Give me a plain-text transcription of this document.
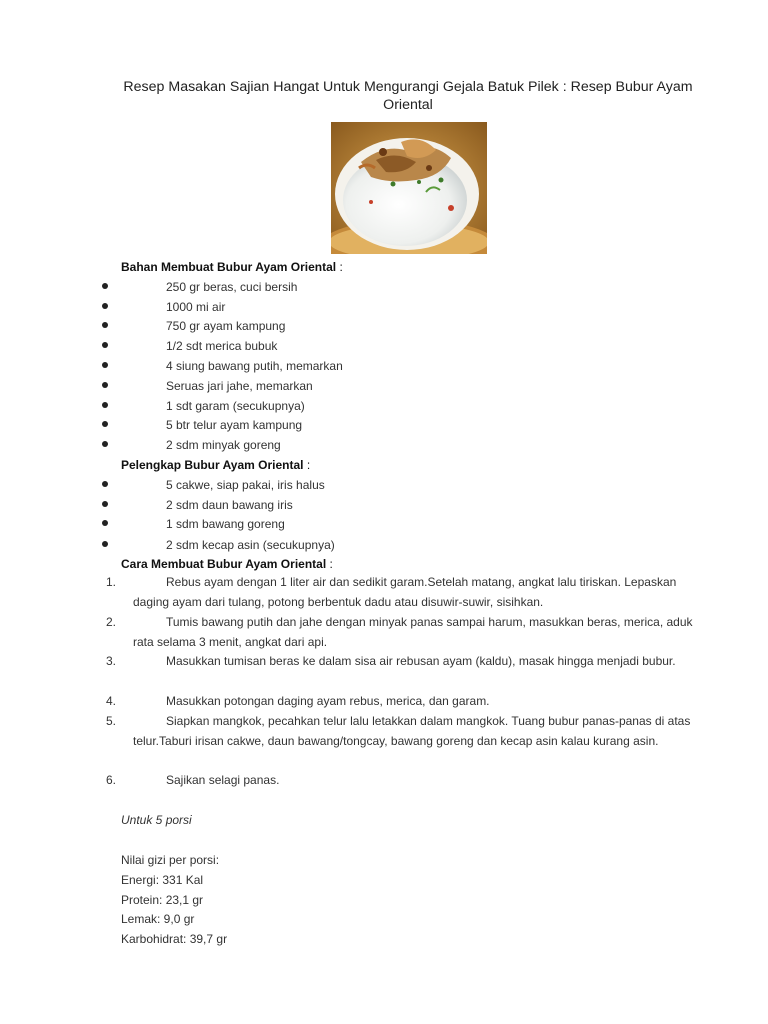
Resep Masakan Sajian Hangat Untuk Mengurangi Gejala Batuk Pilek : Resep Bubur Ayam Oriental
Bahan Membuat Bubur Ayam Oriental :
250 gr beras, cuci bersih
1000 mi air
750 gr ayam kampung
1/2 sdt merica bubuk
4 siung bawang putih, memarkan
Seruas jari jahe, memarkan
1 sdt garam (secukupnya)
5 btr telur ayam kampung
2 sdm minyak goreng
Pelengkap Bubur Ayam Oriental :
5 cakwe, siap pakai, iris halus
2 sdm daun bawang iris
1 sdm bawang goreng
2 sdm kecap asin (secukupnya)
Cara Membuat Bubur Ayam Oriental :
1.	Rebus ayam dengan 1 liter air dan sedikit garam.Setelah matang, angkat lalu tiriskan. Lepaskan daging ayam dari tulang, potong berbentuk dadu atau disuwir-suwir, sisihkan.
2.	Tumis bawang putih dan jahe dengan minyak panas sampai harum, masukkan beras, merica, aduk rata selama 3 menit, angkat dari api.
3.	Masukkan tumisan beras ke dalam sisa air rebusan ayam (kaldu), masak hingga menjadi bubur.
4.	Masukkan potongan daging ayam rebus, merica, dan garam.
5.	Siapkan mangkok, pecahkan telur lalu letakkan dalam mangkok. Tuang bubur panas-panas di atas telur.Taburi irisan cakwe, daun bawang/tongcay, bawang goreng dan kecap asin kalau kurang asin.
6.	Sajikan selagi panas.
Untuk 5 porsi
Nilai gizi per porsi:
Energi: 331 Kal
Protein: 23,1 gr
Lemak: 9,0 gr
Karbohidrat: 39,7 gr
